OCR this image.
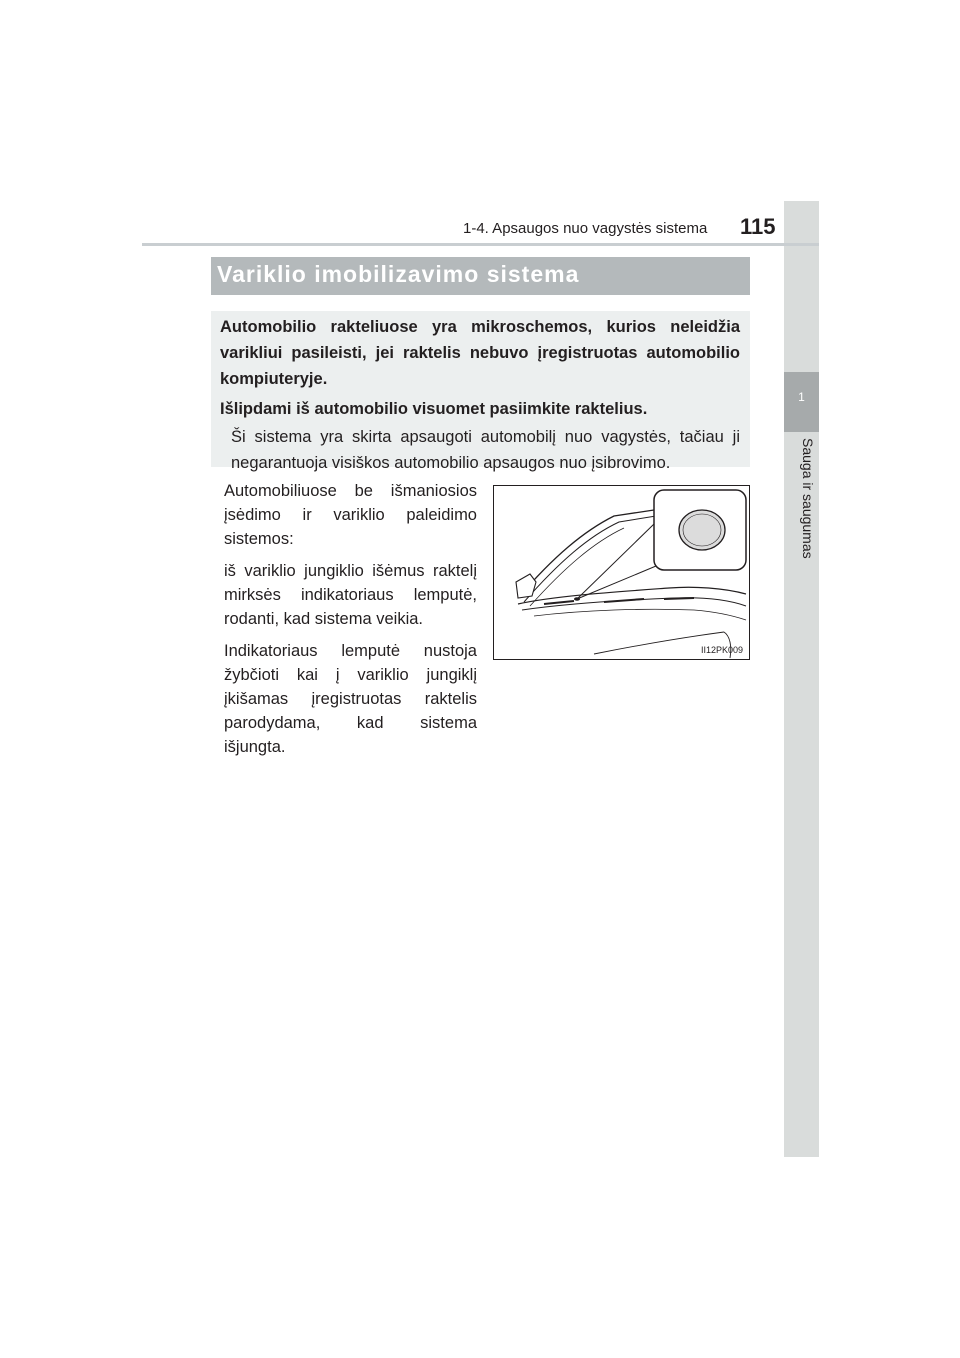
1
Sauga ir saugumas
1-4. Apsaugos nuo vagystės sistema 115
Variklio imobilizavimo sistema

Automobilio rakteliuose yra mikroschemos, kurios neleidžia varikliui pasileisti, jei raktelis nebuvo įregistruotas automobilio kompiuteryje.

Išlipdami iš automobilio visuomet pasiimkite raktelius.

Ši sistema yra skirta apsaugoti automobilį nuo vagystės, tačiau ji negarantuoja visiškos automobilio apsaugos nuo įsibrovimo.

Automobiliuose be išmaniosios įsėdimo ir variklio paleidimo sistemos:

iš variklio jungiklio išėmus raktelį mirksės indikatoriaus lemputė, rodanti, kad sistema veikia.

Indikatoriaus lemputė nustoja žybčioti kai į variklio jungiklį įkišamas įregistruotas raktelis parodydama, kad sistema išjungta.

II12PK009
